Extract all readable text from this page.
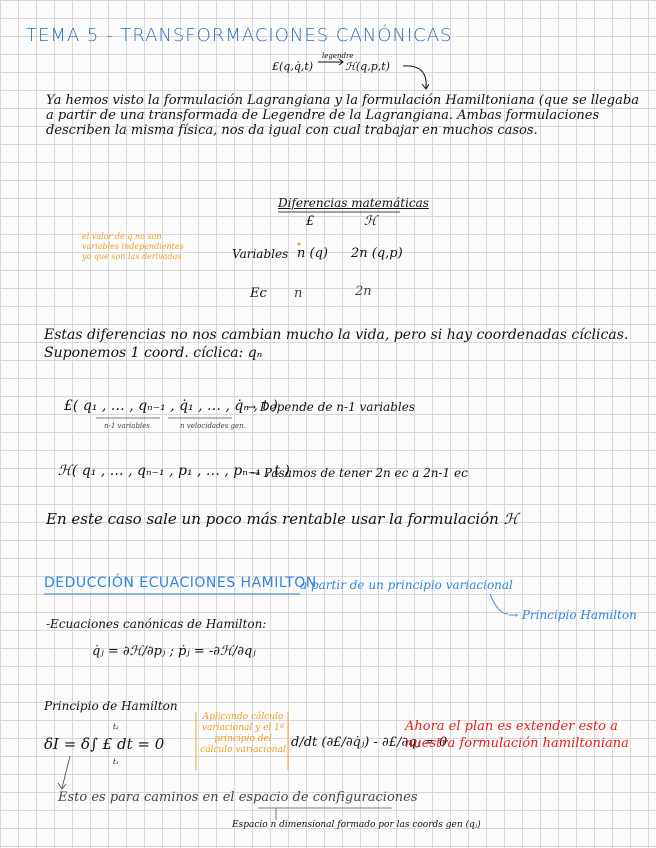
TEMA 5 - TRANSFORMACIONES CANÓNICAS
£(q,q̇,t)
legendre
ℋ(q,p,t)
Ya hemos visto la formulación Lagrangiana y la formulación Hamiltoniana (que se llegaba a partir de una transformada de Legendre de la Lagrangiana. Ambas formulaciones describen la misma física, nos da igual con cual trabajar en muchos casos.
Diferencias matemáticas
£	ℋ
Variables n (q) 2n (q,p)
Ec n	2n
el valor de q no son variables independientes ya que son las derivadas
Estas diferencias no nos cambian mucho la vida, pero si hay coordenadas cíclicas. Suponemos 1 coord. cíclica: qₙ
£( q₁ , … , qₙ₋₁ , q̇₁ , … , q̇ₙ , t )
→ Depende de n-1 variables
n-1 variables	n velocidades gen.
ℋ( q₁ , … , qₙ₋₁ , p₁ , … , pₙ₋₁ , t )
→ Pasamos de tener 2n ec a 2n-1 ec
En este caso sale un poco más rentable usar la formulación ℋ
DEDUCCIÓN ECUACIONES HAMILTON
a partir de un principio variacional
→ Principio Hamilton
-Ecuaciones canónicas de Hamilton:
q̇ⱼ = ∂ℋ/∂pⱼ ; ṗⱼ = -∂ℋ/∂qⱼ
Principio de Hamilton
δI = δ∫ £ dt = 0
t₂
t₁
Aplicando cálculo variacional y el 1º principio del cálculo variacional d/dt (∂£/∂q̇ⱼ) - ∂£/∂qⱼ = 0
Ahora el plan es extender esto a nuestra formulación hamiltoniana
Esto es para caminos en el espacio de configuraciones
Espacio n dimensional formado por las coords gen (qⱼ)
